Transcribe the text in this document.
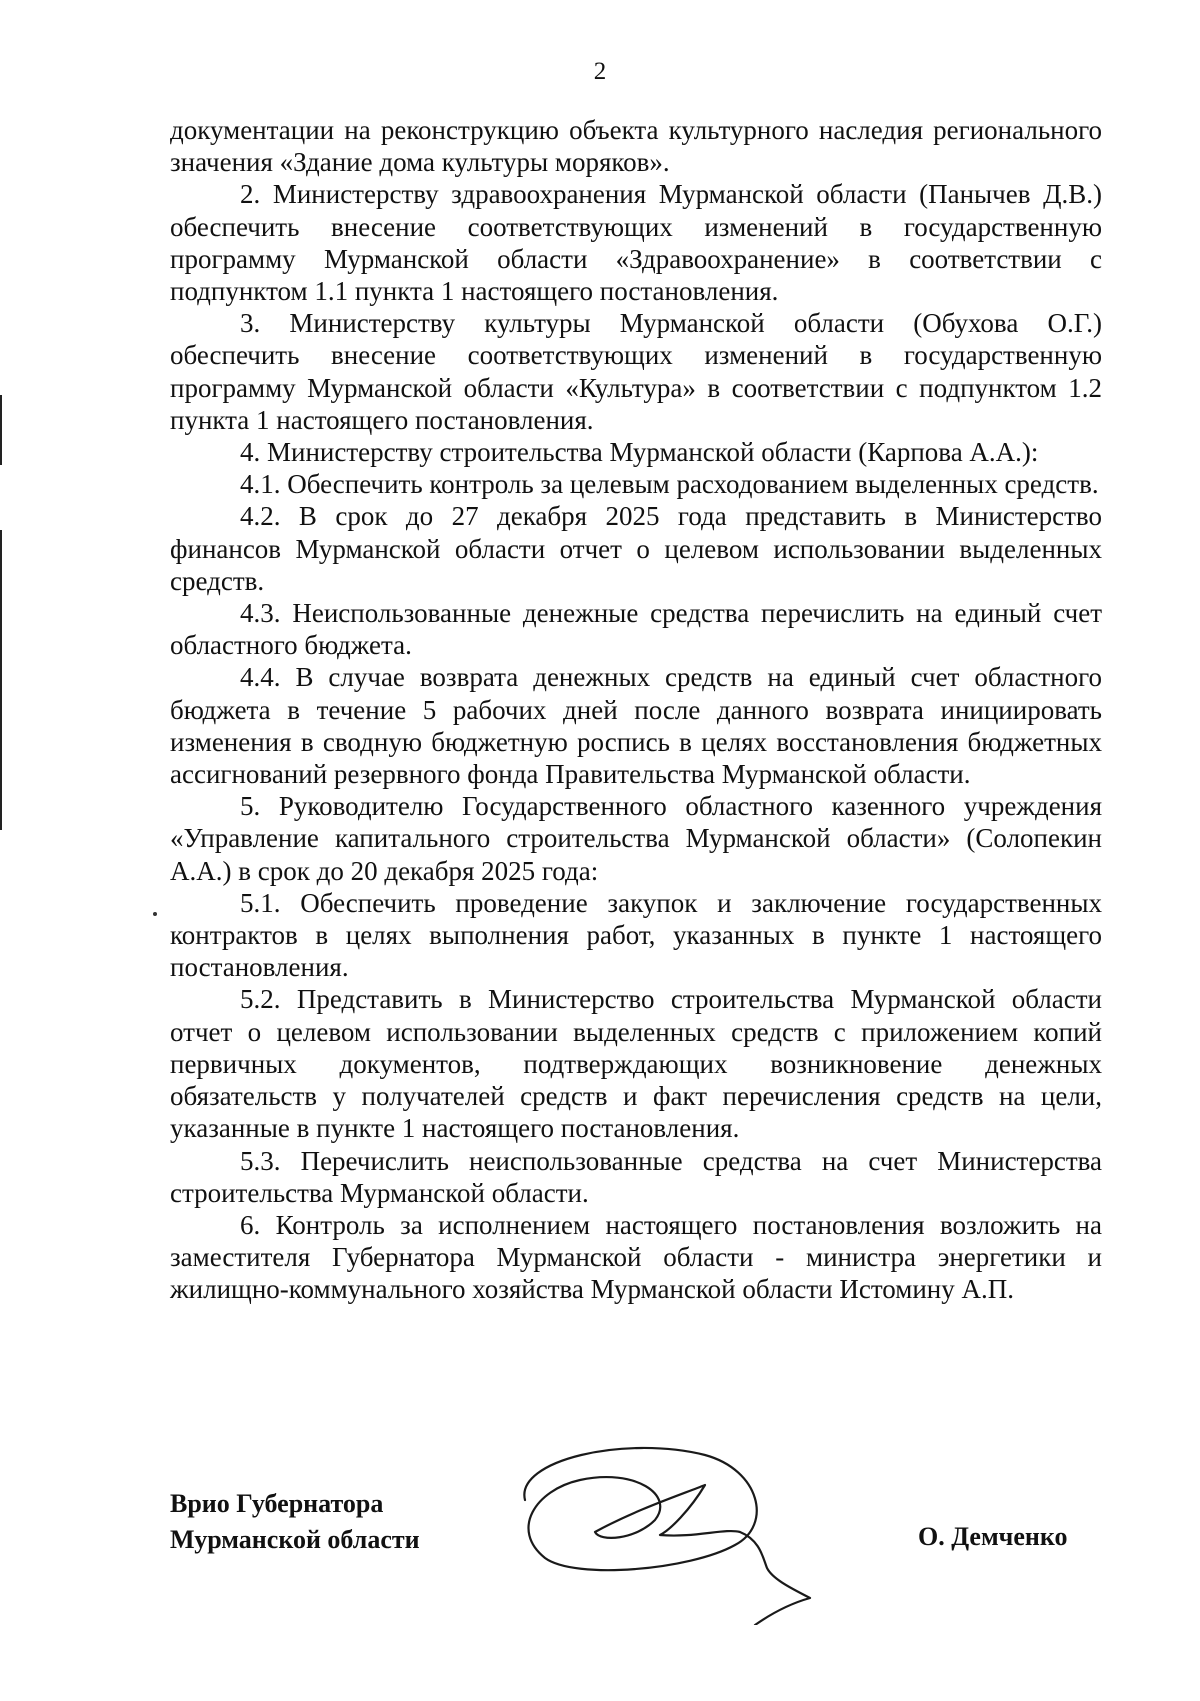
2

документации на реконструкцию объекта культурного наследия регионального значения «Здание дома культуры моряков».

2. Министерству здравоохранения Мурманской области (Панычев Д.В.) обеспечить внесение соответствующих изменений в государственную программу Мурманской области «Здравоохранение» в соответствии с подпунктом 1.1 пункта 1 настоящего постановления.

3. Министерству культуры Мурманской области (Обухова О.Г.) обеспечить внесение соответствующих изменений в государственную программу Мурманской области «Культура» в соответствии с подпунктом 1.2 пункта 1 настоящего постановления.

4. Министерству строительства Мурманской области (Карпова А.А.):

4.1. Обеспечить контроль за целевым расходованием выделенных средств.

4.2. В срок до 27 декабря 2025 года представить в Министерство финансов Мурманской области отчет о целевом использовании выделенных средств.

4.3. Неиспользованные денежные средства перечислить на единый счет областного бюджета.

4.4. В случае возврата денежных средств на единый счет областного бюджета в течение 5 рабочих дней после данного возврата инициировать изменения в сводную бюджетную роспись в целях восстановления бюджетных ассигнований резервного фонда Правительства Мурманской области.

5. Руководителю Государственного областного казенного учреждения «Управление капитального строительства Мурманской области» (Солопекин А.А.) в срок до 20 декабря 2025 года:

5.1. Обеспечить проведение закупок и заключение государственных контрактов в целях выполнения работ, указанных в пункте 1 настоящего постановления.

5.2. Представить в Министерство строительства Мурманской области отчет о целевом использовании выделенных средств с приложением копий первичных документов, подтверждающих возникновение денежных обязательств у получателей средств и факт перечисления средств на цели, указанные в пункте 1 настоящего постановления.

5.3. Перечислить неиспользованные средства на счет Министерства строительства Мурманской области.

6. Контроль за исполнением настоящего постановления возложить на заместителя Губернатора Мурманской области - министра энергетики и жилищно-коммунального хозяйства Мурманской области Истомину А.П.

Врио Губернатора
Мурманской области	О. Демченко
